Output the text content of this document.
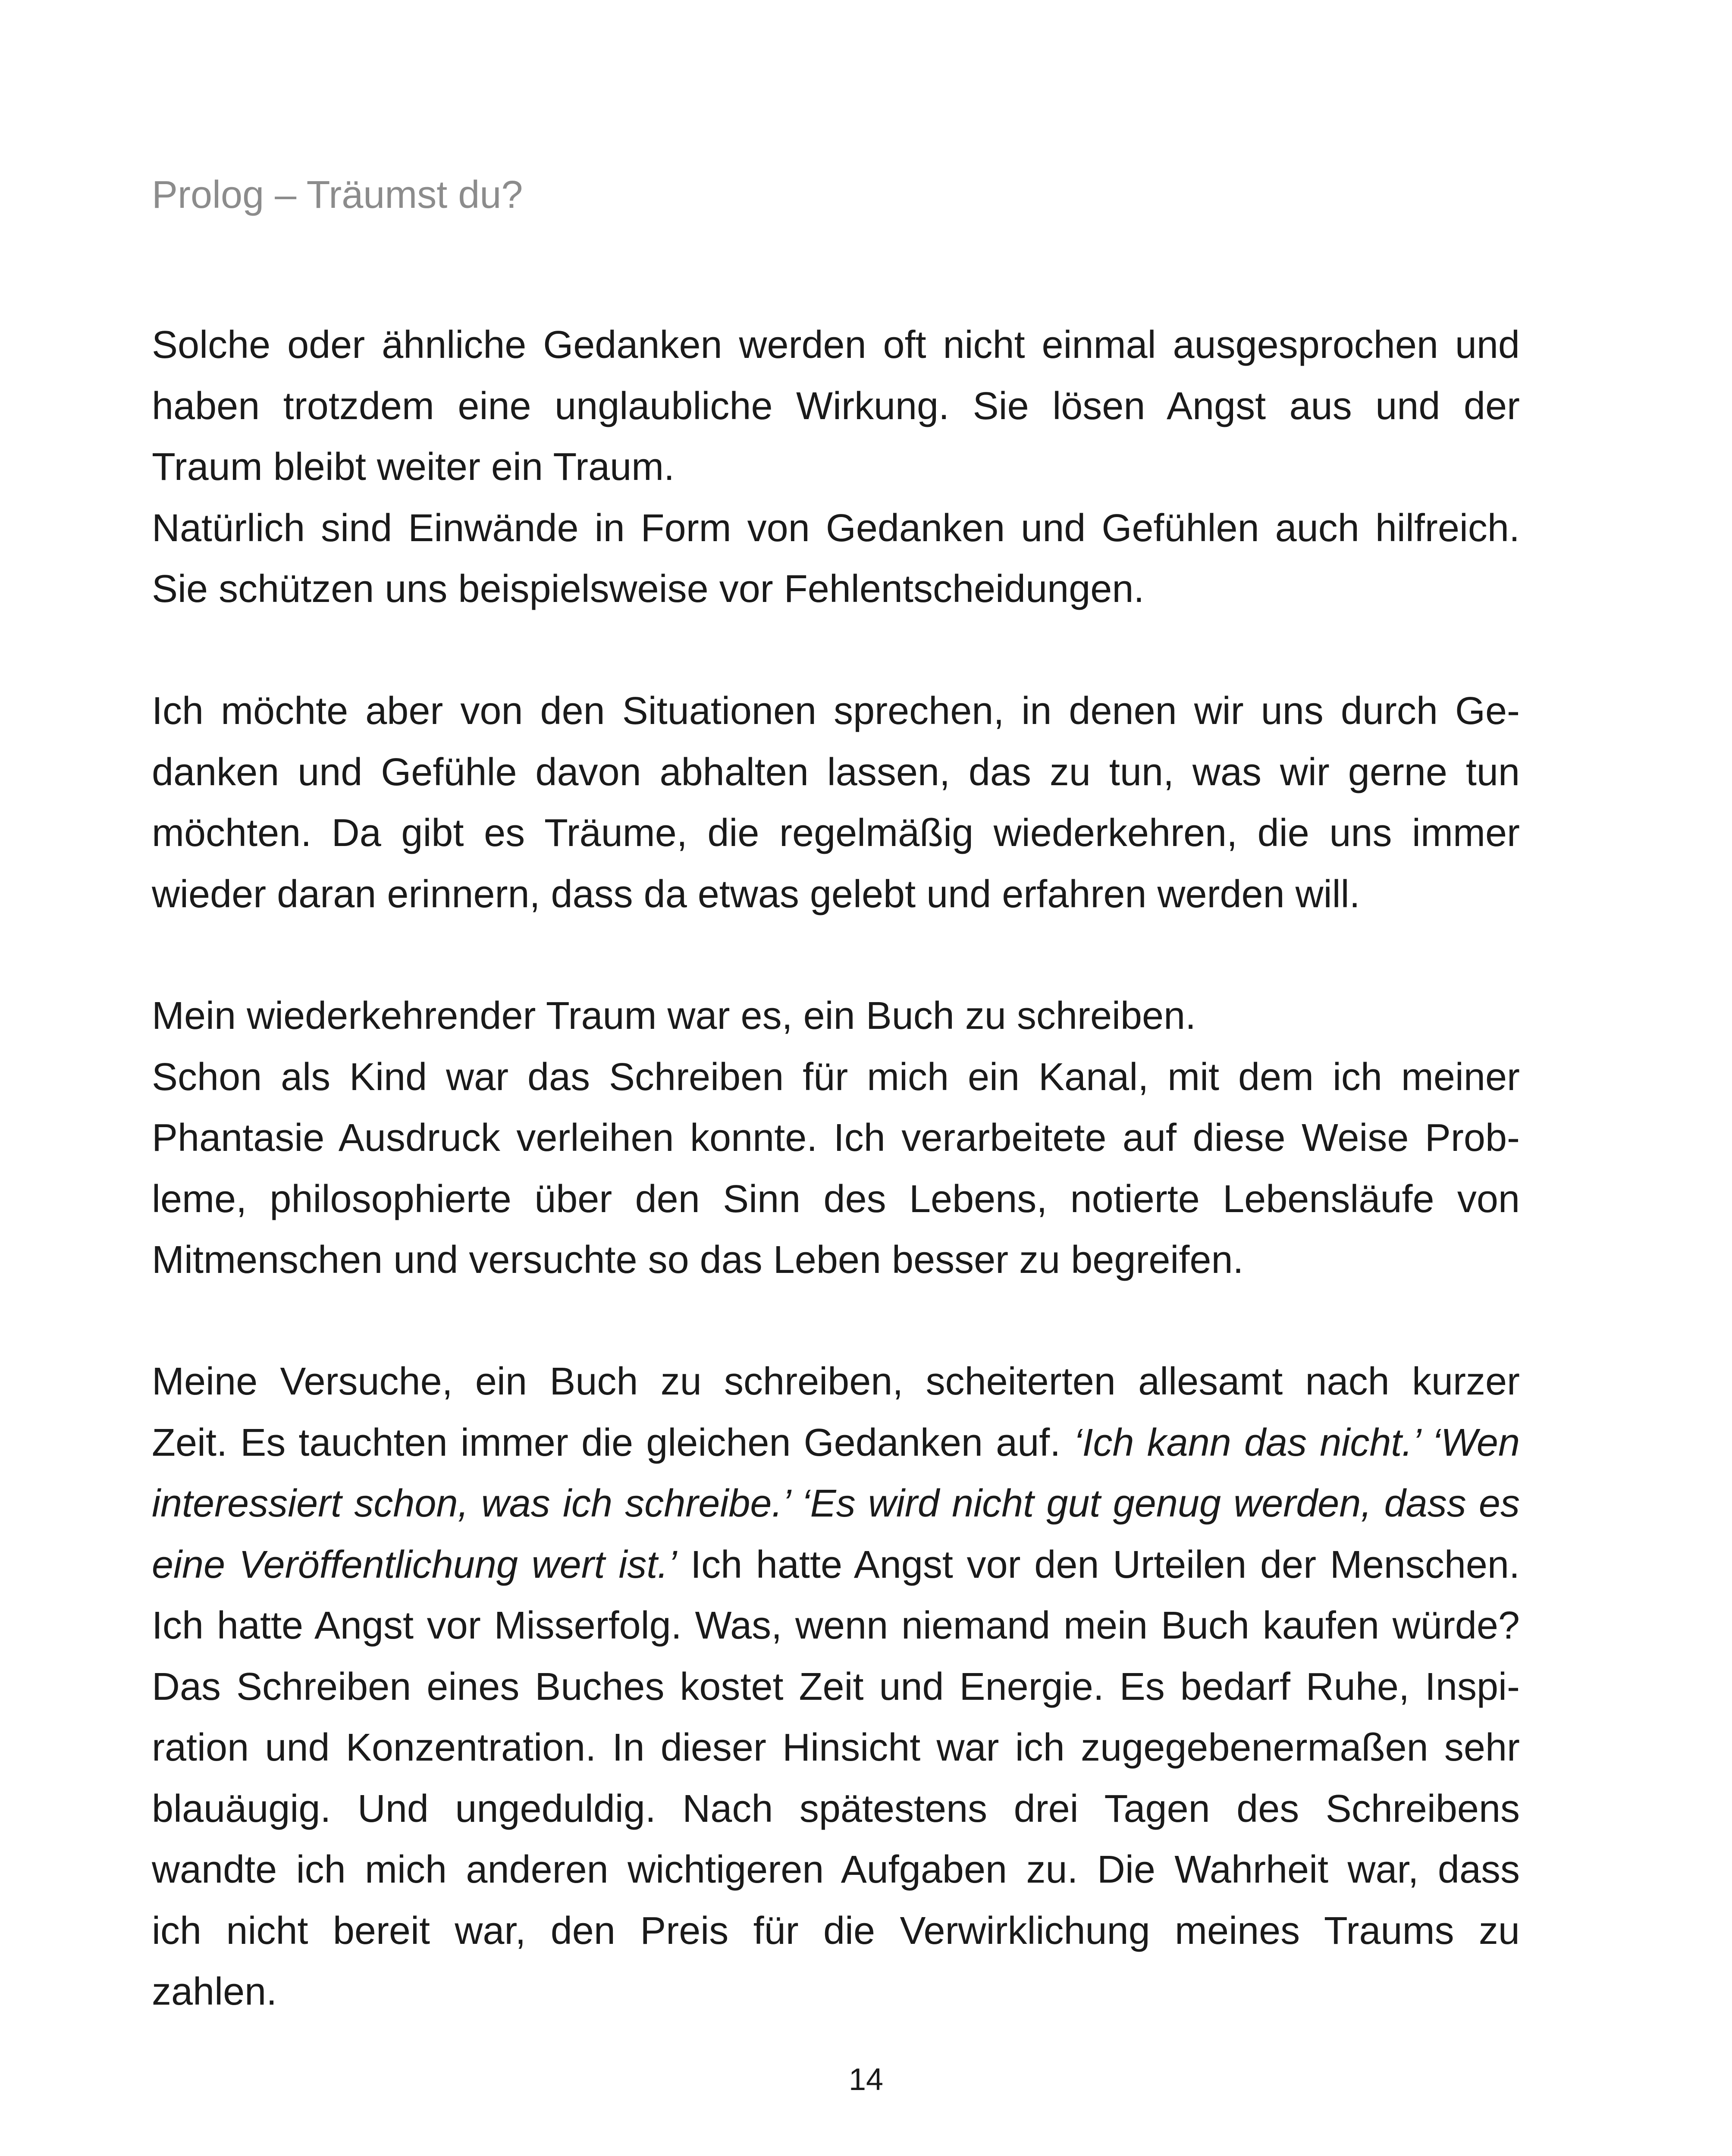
Prolog – Träumst du?
Solche oder ähnliche Gedanken werden oft nicht einmal ausgesprochen und
haben trotzdem eine unglaubliche Wirkung. Sie lösen Angst aus und der
Traum bleibt weiter ein Traum.
Natürlich sind Einwände in Form von Gedanken und Gefühlen auch hilfreich.
Sie schützen uns beispielsweise vor Fehlentscheidungen.
Ich möchte aber von den Situationen sprechen, in denen wir uns durch Ge-
danken und Gefühle davon abhalten lassen, das zu tun, was wir gerne tun
möchten. Da gibt es Träume, die regelmäßig wiederkehren, die uns immer
wieder daran erinnern, dass da etwas gelebt und erfahren werden will.
Mein wiederkehrender Traum war es, ein Buch zu schreiben.
Schon als Kind war das Schreiben für mich ein Kanal, mit dem ich meiner
Phantasie Ausdruck verleihen konnte. Ich verarbeitete auf diese Weise Prob-
leme, philosophierte über den Sinn des Lebens, notierte Lebensläufe von
Mitmenschen und versuchte so das Leben besser zu begreifen.
Meine Versuche, ein Buch zu schreiben, scheiterten allesamt nach kurzer
Zeit. Es tauchten immer die gleichen Gedanken auf. ‘Ich kann das nicht.’ ‘Wen
interessiert schon, was ich schreibe.’ ‘Es wird nicht gut genug werden, dass es
eine Veröffentlichung wert ist.’ Ich hatte Angst vor den Urteilen der Menschen.
Ich hatte Angst vor Misserfolg. Was, wenn niemand mein Buch kaufen würde?
Das Schreiben eines Buches kostet Zeit und Energie. Es bedarf Ruhe, Inspi-
ration und Konzentration. In dieser Hinsicht war ich zugegebenermaßen sehr
blauäugig. Und ungeduldig. Nach spätestens drei Tagen des Schreibens
wandte ich mich anderen wichtigeren Aufgaben zu. Die Wahrheit war, dass
ich nicht bereit war, den Preis für die Verwirklichung meines Traums zu
zahlen.
14
